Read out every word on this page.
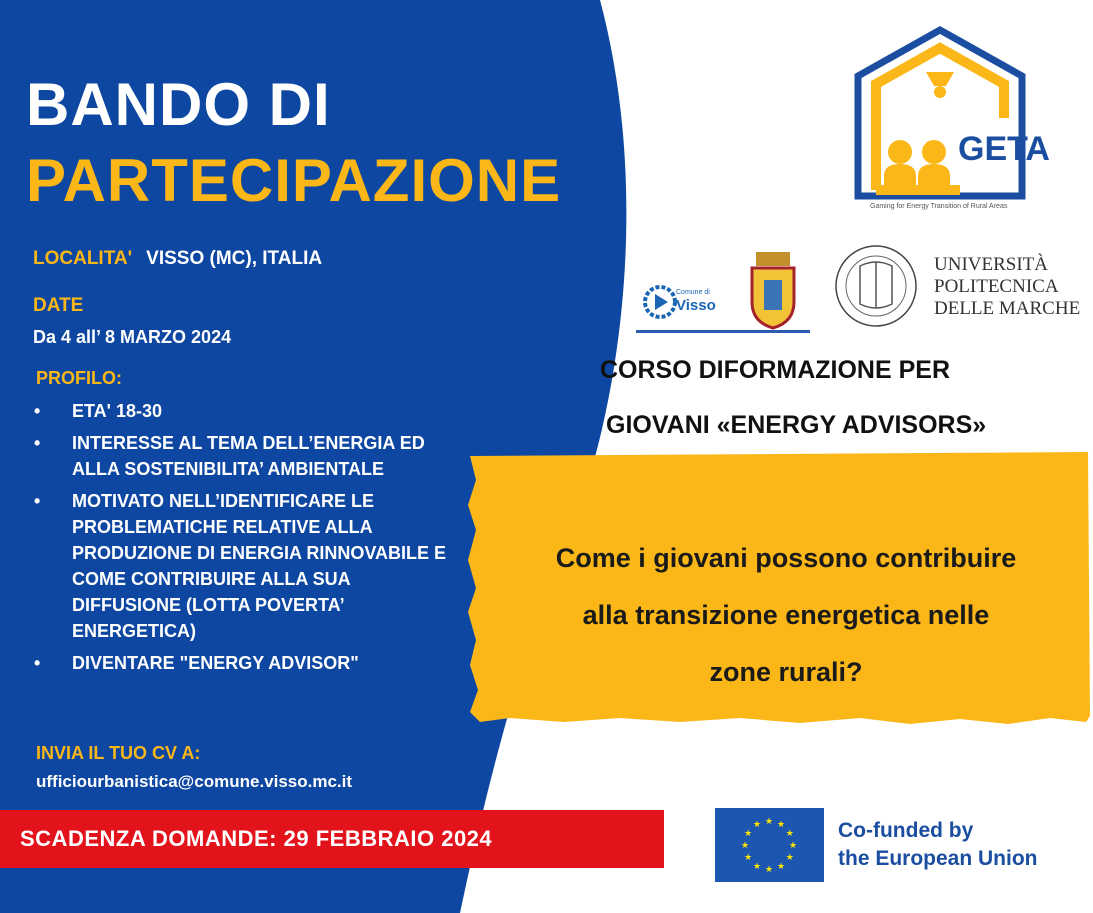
★ ★
★
★
★
★
★
★
★
★
★
★
BANDO DI
PARTECIPAZIONE
LOCALITA' VISSO (MC), ITALIA
DATE
Da 4 all’ 8 MARZO 2024
PROFILO:
• ETA' 18-30
• INTERESSE AL TEMA DELL’ENERGIA ED ALLA SOSTENIBILITA’ AMBIENTALE
• MOTIVATO NELL’IDENTIFICARE LE PROBLEMATICHE RELATIVE ALLA PRODUZIONE DI ENERGIA RINNOVABILE E COME CONTRIBUIRE ALLA SUA DIFFUSIONE (LOTTA POVERTA’ ENERGETICA)
• DIVENTARE "ENERGY ADVISOR"
INVIA IL TUO CV A:
ufficiourbanistica@comune.visso.mc.it
SCADENZA DOMANDE: 29 FEBBRAIO 2024
CORSO DIFORMAZIONE PER
GIOVANI «ENERGY ADVISORS»
Come i giovani possono contribuire
alla transizione energetica nelle
zone rurali?
GETA
Gaming for Energy Transition of Rural Areas
Comune di
Visso
UNIVERSITÀ
POLITECNICA
DELLE MARCHE
Co-funded by
the European Union
